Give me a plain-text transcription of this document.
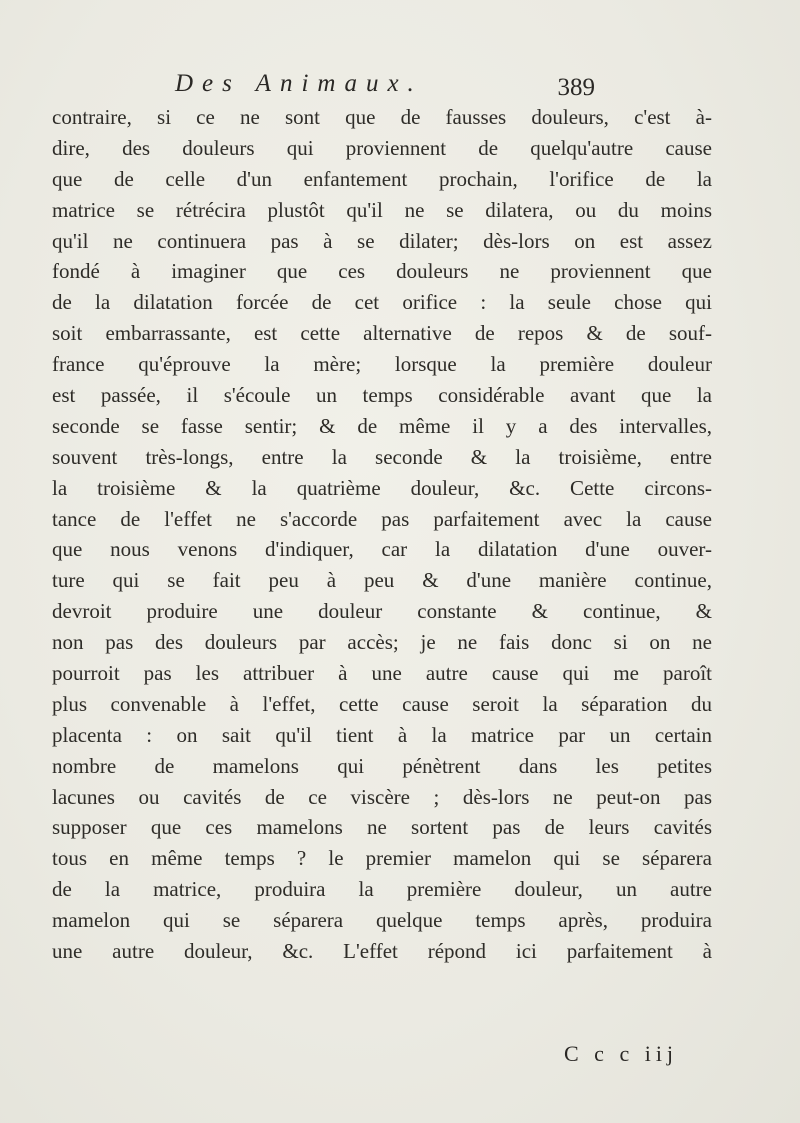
Des Animaux.	389
contraire, si ce ne sont que de fausses douleurs, c'est à-
dire, des douleurs qui proviennent de quelqu'autre cause
que de celle d'un enfantement prochain, l'orifice de la
matrice se rétrécira plustôt qu'il ne se dilatera, ou du moins
qu'il ne continuera pas à se dilater; dès-lors on est assez
fondé à imaginer que ces douleurs ne proviennent que
de la dilatation forcée de cet orifice : la seule chose qui
soit embarrassante, est cette alternative de repos & de souf-
france qu'éprouve la mère; lorsque la première douleur
est passée, il s'écoule un temps considérable avant que la
seconde se fasse sentir; & de même il y a des intervalles,
souvent très-longs, entre la seconde & la troisième, entre
la troisième & la quatrième douleur, &c. Cette circons-
tance de l'effet ne s'accorde pas parfaitement avec la cause
que nous venons d'indiquer, car la dilatation d'une ouver-
ture qui se fait peu à peu & d'une manière continue,
devroit produire une douleur constante & continue, &
non pas des douleurs par accès; je ne fais donc si on ne
pourroit pas les attribuer à une autre cause qui me paroît
plus convenable à l'effet, cette cause seroit la séparation du
placenta : on sait qu'il tient à la matrice par un certain
nombre de mamelons qui pénètrent dans les petites
lacunes ou cavités de ce viscère ; dès-lors ne peut-on pas
supposer que ces mamelons ne sortent pas de leurs cavités
tous en même temps ? le premier mamelon qui se séparera
de la matrice, produira la première douleur, un autre
mamelon qui se séparera quelque temps après, produira
une autre douleur, &c. L'effet répond ici parfaitement à
C c c iij
